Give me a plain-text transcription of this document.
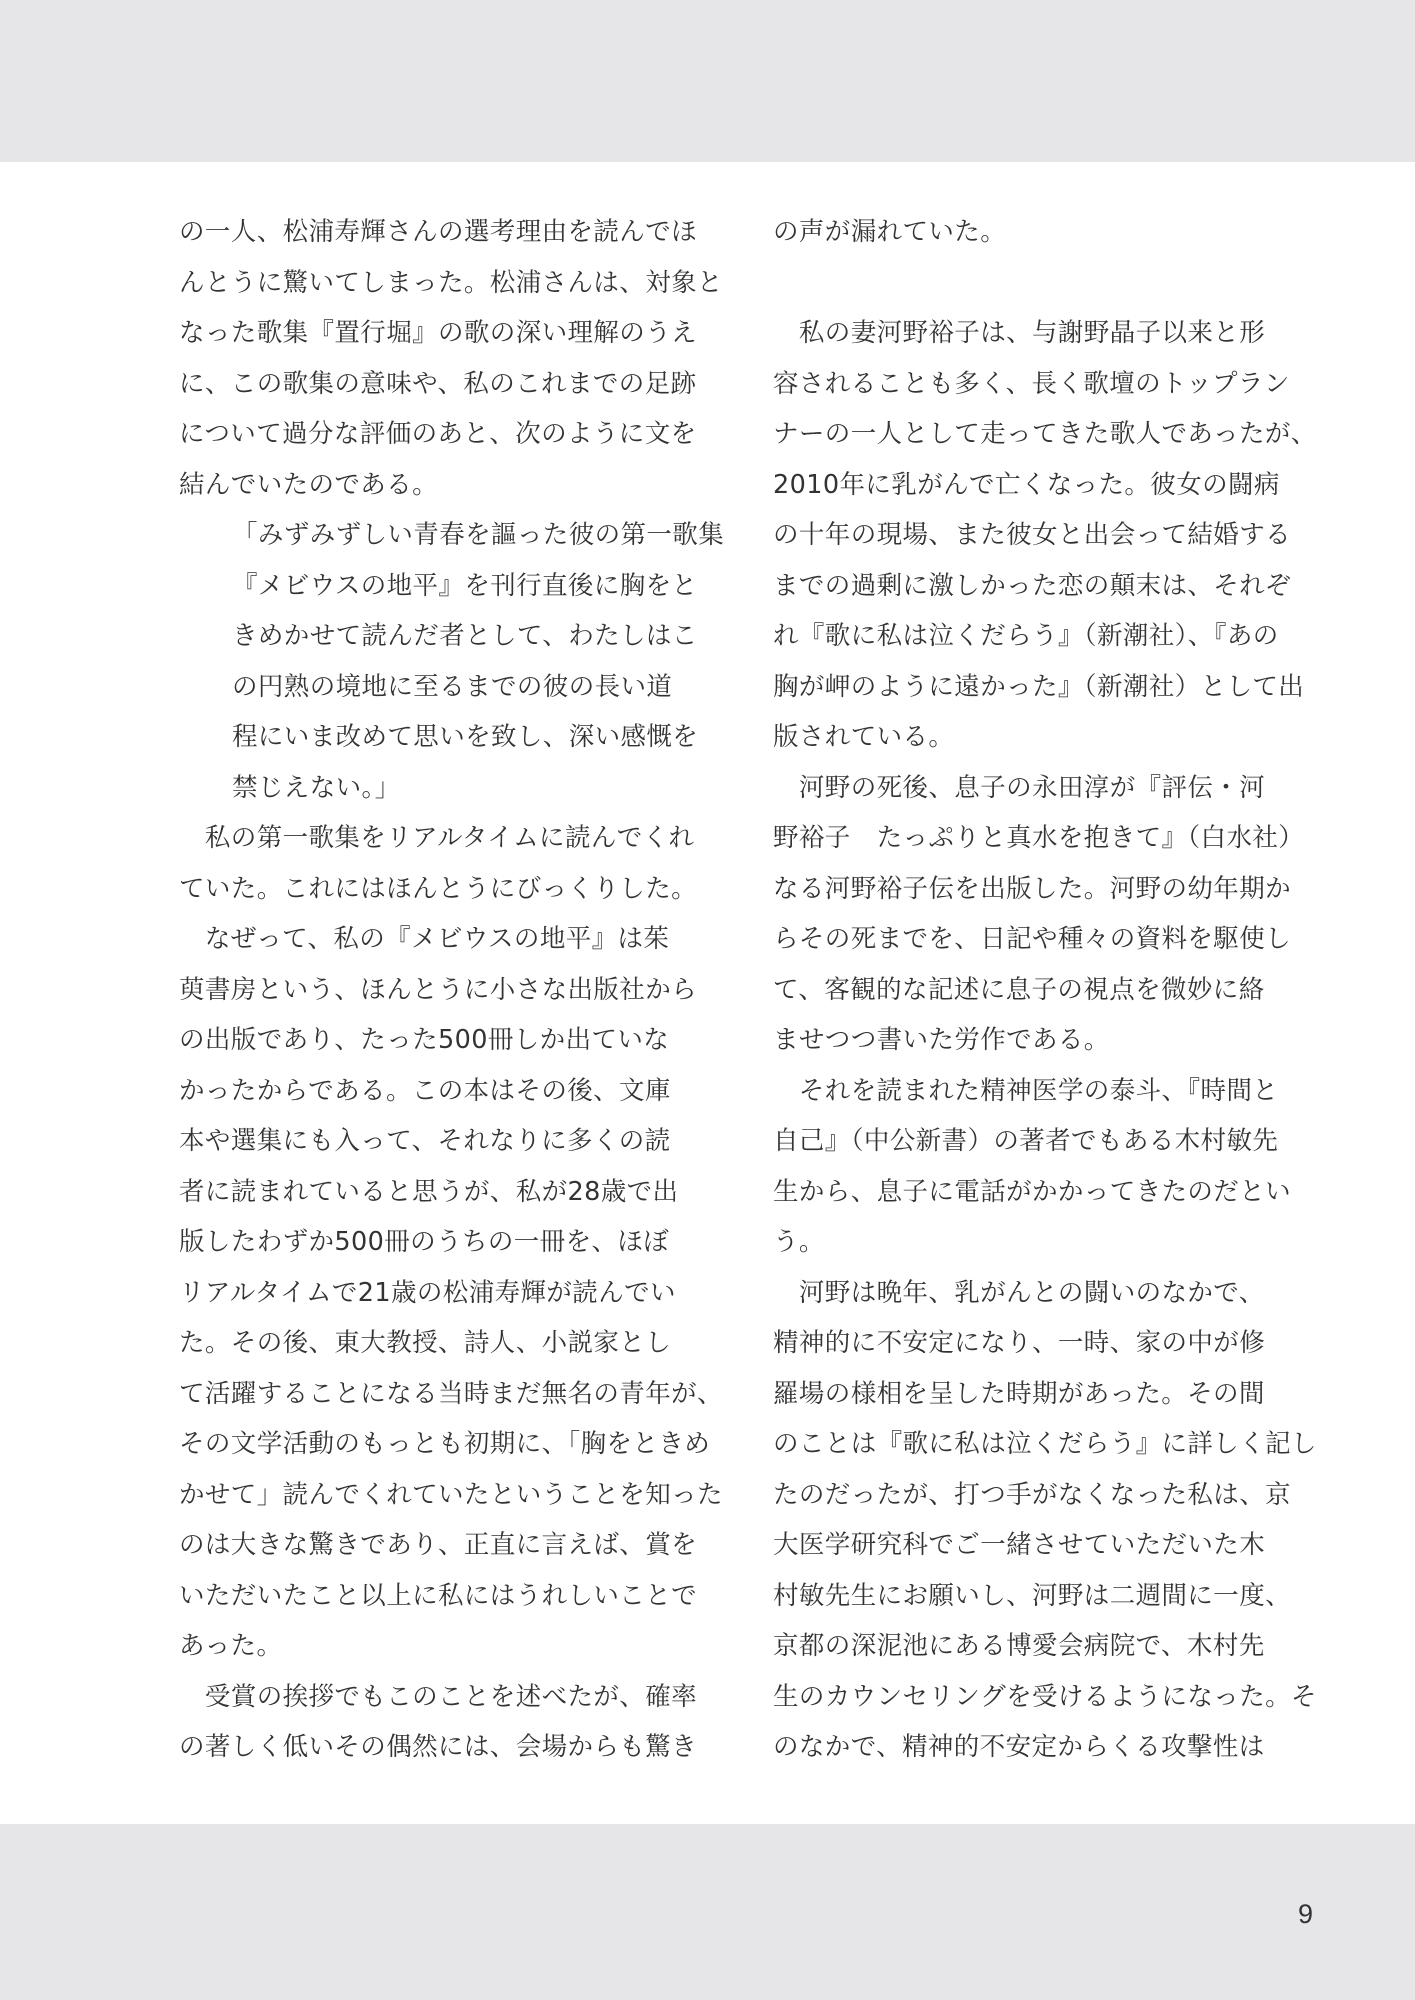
の一人、松浦寿輝さんの選考理由を読んでほ
んとうに驚いてしまった。松浦さんは、対象と
なった歌集『置行堀』の歌の深い理解のうえ
に、この歌集の意味や、私のこれまでの足跡
について過分な評価のあと、次のように文を
結んでいたのである。
「みずみずしい青春を謳った彼の第一歌集
『メビウスの地平』を刊行直後に胸をと
きめかせて読んだ者として、わたしはこ
の円熟の境地に至るまでの彼の長い道
程にいま改めて思いを致し、深い感慨を
禁じえない。」
　私の第一歌集をリアルタイムに読んでくれ
ていた。これにはほんとうにびっくりした。
　なぜって、私の『メビウスの地平』は茱
萸書房という、ほんとうに小さな出版社から
の出版であり、たった500冊しか出ていな
かったからである。この本はその後、文庫
本や選集にも入って、それなりに多くの読
者に読まれていると思うが、私が28歳で出
版したわずか500冊のうちの一冊を、ほぼ
リアルタイムで21歳の松浦寿輝が読んでい
た。その後、東大教授、詩人、小説家とし
て活躍することになる当時まだ無名の青年が、
その文学活動のもっとも初期に、「胸をときめ
かせて」読んでくれていたということを知った
のは大きな驚きであり、正直に言えば、賞を
いただいたこと以上に私にはうれしいことで
あった。
　受賞の挨拶でもこのことを述べたが、確率
の著しく低いその偶然には、会場からも驚き
の声が漏れていた。
　私の妻河野裕子は、与謝野晶子以来と形
容されることも多く、長く歌壇のトップラン
ナーの一人として走ってきた歌人であったが、
2010年に乳がんで亡くなった。彼女の闘病
の十年の現場、また彼女と出会って結婚する
までの過剰に激しかった恋の顛末は、それぞ
れ『歌に私は泣くだらう』（新潮社）、『あの
胸が岬のように遠かった』（新潮社）として出
版されている。
　河野の死後、息子の永田淳が『評伝・河
野裕子　たっぷりと真水を抱きて』（白水社）
なる河野裕子伝を出版した。河野の幼年期か
らその死までを、日記や種々の資料を駆使し
て、客観的な記述に息子の視点を微妙に絡
ませつつ書いた労作である。
　それを読まれた精神医学の泰斗、『時間と
自己』（中公新書）の著者でもある木村敏先
生から、息子に電話がかかってきたのだとい
う。
　河野は晩年、乳がんとの闘いのなかで、
精神的に不安定になり、一時、家の中が修
羅場の様相を呈した時期があった。その間
のことは『歌に私は泣くだらう』に詳しく記し
たのだったが、打つ手がなくなった私は、京
大医学研究科でご一緒させていただいた木
村敏先生にお願いし、河野は二週間に一度、
京都の深泥池にある博愛会病院で、木村先
生のカウンセリングを受けるようになった。そ
のなかで、精神的不安定からくる攻撃性は
9
